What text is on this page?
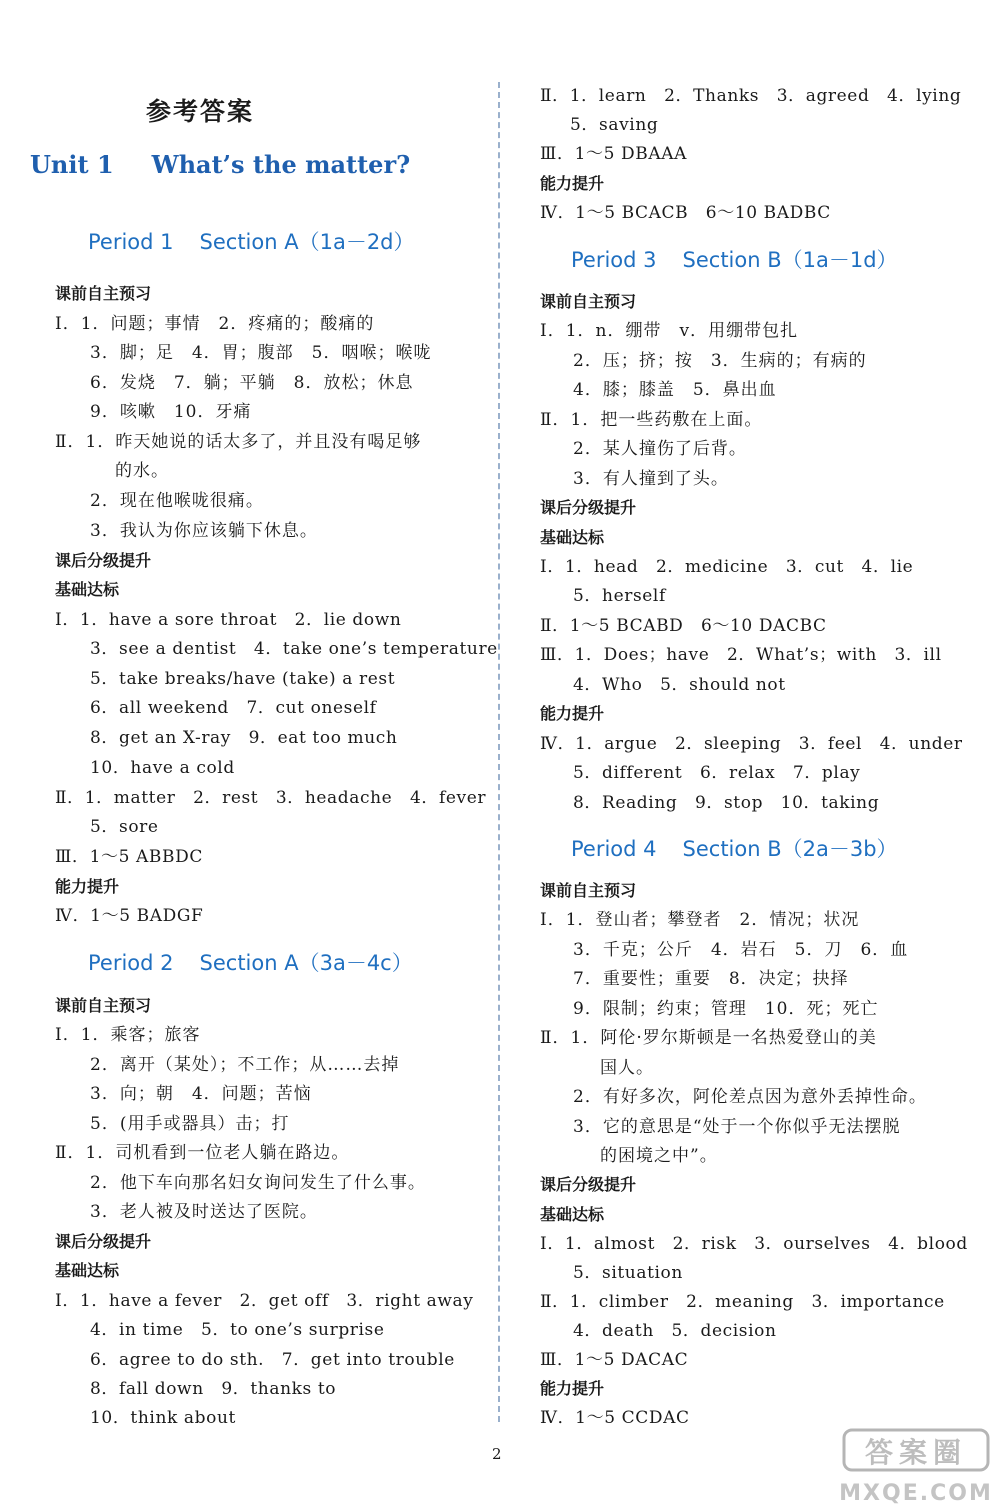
参考答案
Unit 1 What’s the matter?
Period 1 Section A（1a－2d）
Period 2 Section A（3a－4c）
Period 3 Section B（1a－1d）
Period 4 Section B（2a－3b）
课前自主预习
Ⅰ．1．问题；事情　2．疼痛的；酸痛的
3．脚；足　4．胃；腹部　5．咽喉；喉咙
6．发烧　7．躺；平躺　8．放松；休息
9．咳嗽　10．牙痛
Ⅱ．1．昨天她说的话太多了，并且没有喝足够
的水。
2．现在他喉咙很痛。
3．我认为你应该躺下休息。
课后分级提升
基础达标
Ⅰ．1．have a sore throat　2．lie down
3．see a dentist　4．take one’s temperature
5．take breaks/have (take) a rest
6．all weekend　7．cut oneself
8．get an X-ray　9．eat too much
10．have a cold
Ⅱ．1．matter　2．rest　3．headache　4．fever
5．sore
Ⅲ．1～5 ABBDC
能力提升
Ⅳ．1～5 BADGF
课前自主预习
Ⅰ．1．乘客；旅客
2．离开（某处）；不工作；从……去掉
3．向；朝　4．问题；苦恼
5．(用手或器具）击；打
Ⅱ．1．司机看到一位老人躺在路边。
2．他下车向那名妇女询问发生了什么事。
3．老人被及时送达了医院。
课后分级提升
基础达标
Ⅰ．1．have a fever　2．get off　3．right away
4．in time　5．to one’s surprise
6．agree to do sth.　7．get into trouble
8．fall down　9．thanks to
10．think about
Ⅱ．1．learn　2．Thanks　3．agreed　4．lying
5．saving
Ⅲ．1～5 DBAAA
能力提升
Ⅳ．1～5 BCACB　6～10 BADBC
课前自主预习
Ⅰ．1．n．绷带　v．用绷带包扎
2．压；挤；按　3．生病的；有病的
4．膝；膝盖　5．鼻出血
Ⅱ．1．把一些药敷在上面。
2．某人撞伤了后背。
3．有人撞到了头。
课后分级提升
基础达标
Ⅰ．1．head　2．medicine　3．cut　4．lie
5．herself
Ⅱ．1～5 BCABD　6～10 DACBC
Ⅲ．1．Does；have　2．What’s；with　3．ill
4．Who　5．should not
能力提升
Ⅳ．1．argue　2．sleeping　3．feel　4．under
5．different　6．relax　7．play
8．Reading　9．stop　10．taking
课前自主预习
Ⅰ．1．登山者；攀登者　2．情况；状况
3．千克；公斤　4．岩石　5．刀　6．血
7．重要性；重要　8．决定；抉择
9．限制；约束；管理　10．死；死亡
Ⅱ．1．阿伦·罗尔斯顿是一名热爱登山的美
国人。
2．有好多次，阿伦差点因为意外丢掉性命。
3．它的意思是“处于一个你似乎无法摆脱
的困境之中”。
课后分级提升
基础达标
Ⅰ．1．almost　2．risk　3．ourselves　4．blood
5．situation
Ⅱ．1．climber　2．meaning　3．importance
4．death　5．decision
Ⅲ．1～5 DACAC
能力提升
Ⅳ．1～5 CCDAC
2	答案圈
MXQE.COM
